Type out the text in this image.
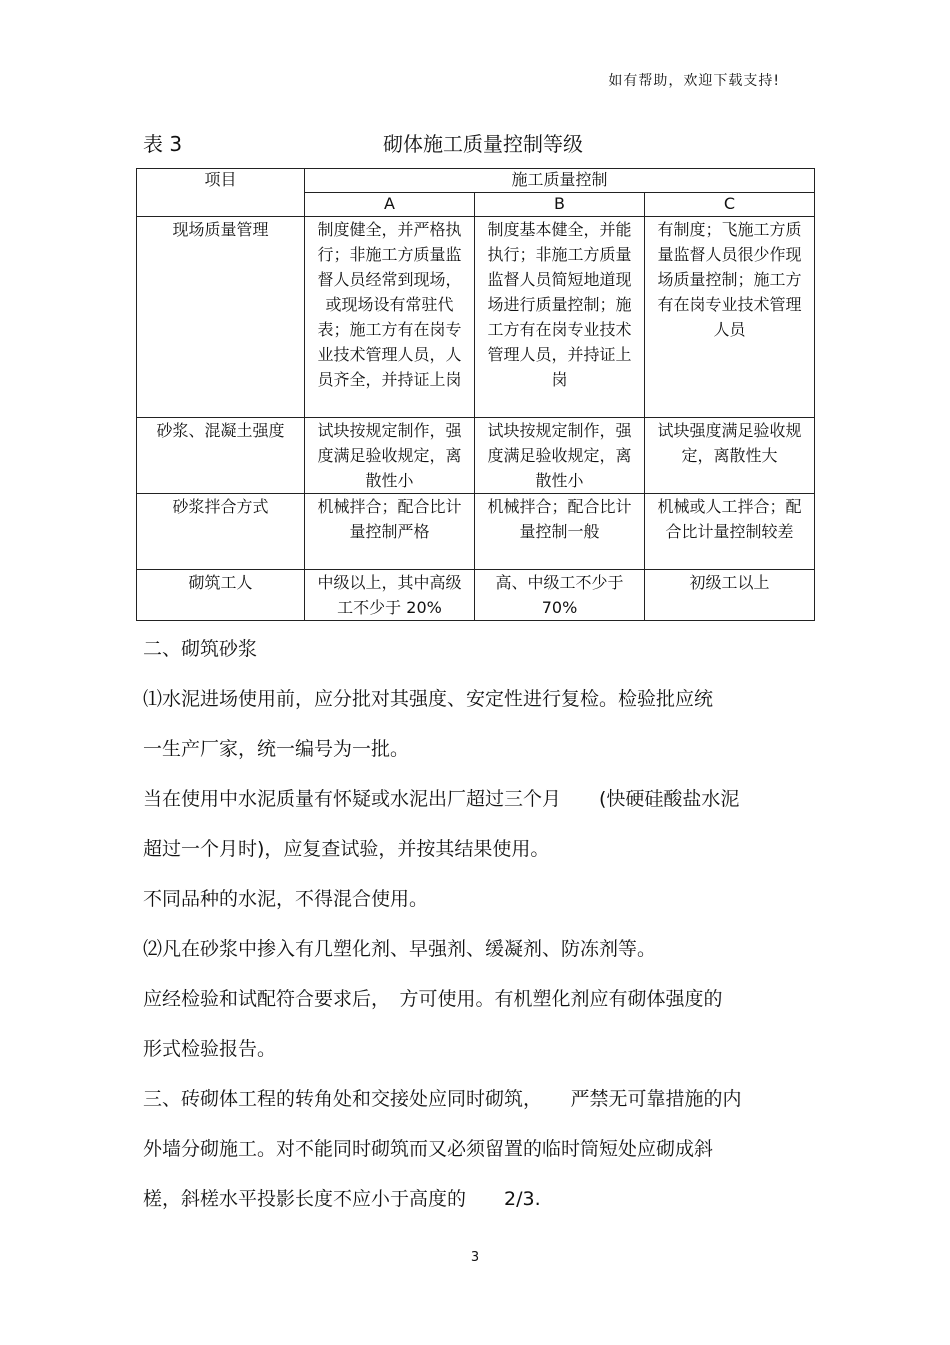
如有帮助，欢迎下载支持!
表 3	砌体施工质量控制等级
项目	施工质量控制		
	A	B	C
现场质量管理	制度健全，并严格执行；非施工方质量监督人员经常到现场，或现场设有常驻代表；施工方有在岗专业技术管理人员，人员齐全，并持证上岗	制度基本健全，并能执行；非施工方质量监督人员简短地道现场进行质量控制；施工方有在岗专业技术管理人员，并持证上岗	有制度；飞施工方质量监督人员很少作现场质量控制；施工方有在岗专业技术管理人员
砂浆、混凝土强度	试块按规定制作，强度满足验收规定，离散性小	试块按规定制作，强度满足验收规定，离散性小	试块强度满足验收规定，离散性大
砂浆拌合方式	机械拌合；配合比计量控制严格	机械拌合；配合比计量控制一般	机械或人工拌合；配合比计量控制较差
砌筑工人	中级以上，其中高级工不少于 20%	高、中级工不少于70%	初级工以上

二、砌筑砂浆

⑴水泥进场使用前，应分批对其强度、安定性进行复检。检验批应统

一生产厂家，统一编号为一批。

当在使用中水泥质量有怀疑或水泥出厂超过三个月　　(快硬硅酸盐水泥

超过一个月时)，应复查试验，并按其结果使用。

不同品种的水泥，不得混合使用。

⑵凡在砂浆中掺入有几塑化剂、早强剂、缓凝剂、防冻剂等。

应经检验和试配符合要求后，　方可使用。有机塑化剂应有砌体强度的

形式检验报告。

三、砖砌体工程的转角处和交接处应同时砌筑，　　严禁无可靠措施的内

外墙分砌施工。对不能同时砌筑而又必须留置的临时筒短处应砌成斜

槎，斜槎水平投影长度不应小于高度的　　2/3.

3
